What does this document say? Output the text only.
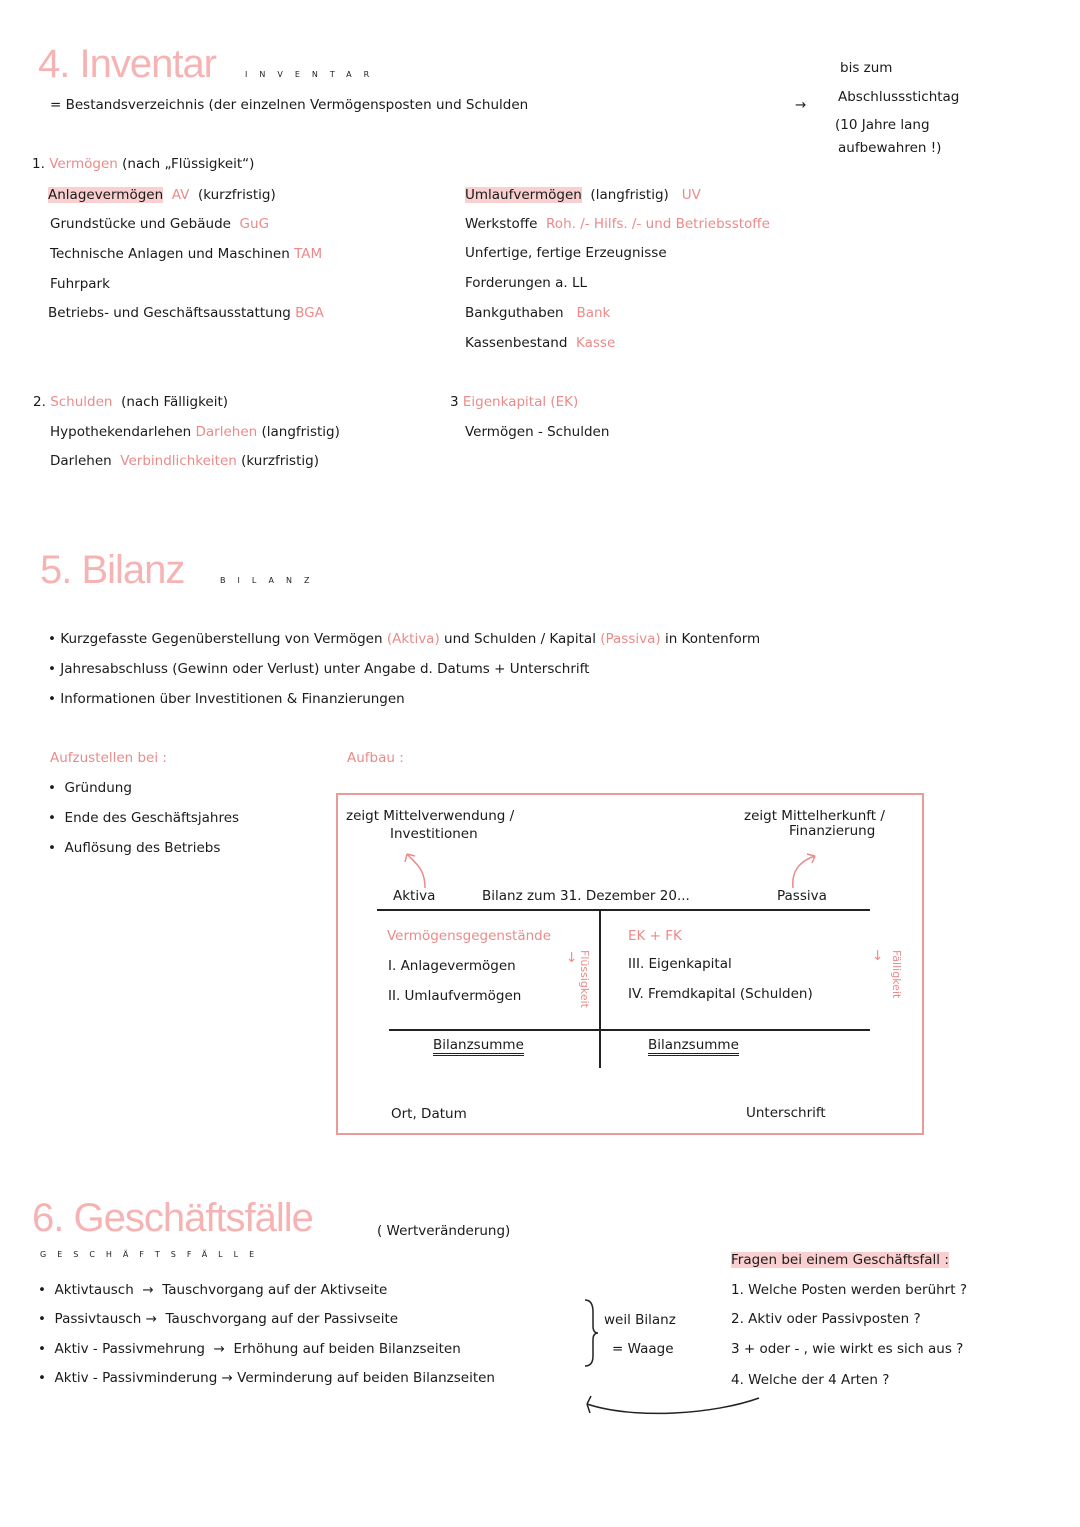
4. Inventar	INVENTAR
= Bestandsverzeichnis (der einzelnen Vermögensposten und Schulden	→
bis zum
Abschlussstichtag
(10 Jahre lang
aufbewahren !)
1. Vermögen (nach „Flüssigkeit“)
Anlagevermögen AV (kurzfristig)
Grundstücke und Gebäude GuG
Technische Anlagen und Maschinen TAM
Fuhrpark
Betriebs- und Geschäftsausstattung BGA
Umlaufvermögen (langfristig) UV
Werkstoffe Roh. /- Hilfs. /- und Betriebsstoffe
Unfertige, fertige Erzeugnisse
Forderungen a. LL
Bankguthaben Bank
Kassenbestand Kasse
2. Schulden (nach Fälligkeit)
Hypothekendarlehen Darlehen (langfristig)
Darlehen Verbindlichkeiten (kurzfristig)
3 Eigenkapital (EK)
Vermögen - Schulden
5. Bilanz	BILANZ
• Kurzgefasste Gegenüberstellung von Vermögen (Aktiva) und Schulden / Kapital (Passiva) in Kontenform
• Jahresabschluss (Gewinn oder Verlust) unter Angabe d. Datums + Unterschrift
• Informationen über Investitionen & Finanzierungen
Aufzustellen bei :
•  Gründung
•  Ende des Geschäftsjahres
•  Auflösung des Betriebs
Aufbau :
zeigt Mittelverwendung /
Investitionen
zeigt Mittelherkunft /
Finanzierung
Aktiva	Bilanz zum 31. Dezember 20...	Passiva
Vermögensgegenstände
I. Anlagevermögen
II. Umlaufvermögen
↓ Flüssigkeit
EK + FK
III. Eigenkapital
IV. Fremdkapital (Schulden)
↓ Fälligkeit
Bilanzsumme	Bilanzsumme
Ort, Datum	Unterschrift
6. Geschäftsfälle
GESCHÄFTSFÄLLE
( Wertveränderung)
•  Aktivtausch  →  Tauschvorgang auf der Aktivseite
•  Passivtausch →  Tauschvorgang auf der Passivseite
•  Aktiv - Passivmehrung  →  Erhöhung auf beiden Bilanzseiten
•  Aktiv - Passivminderung → Verminderung auf beiden Bilanzseiten
weil Bilanz
= Waage
Fragen bei einem Geschäftsfall :
1. Welche Posten werden berührt ?
2. Aktiv oder Passivposten ?
3 + oder - , wie wirkt es sich aus ?
4. Welche der 4 Arten ?
